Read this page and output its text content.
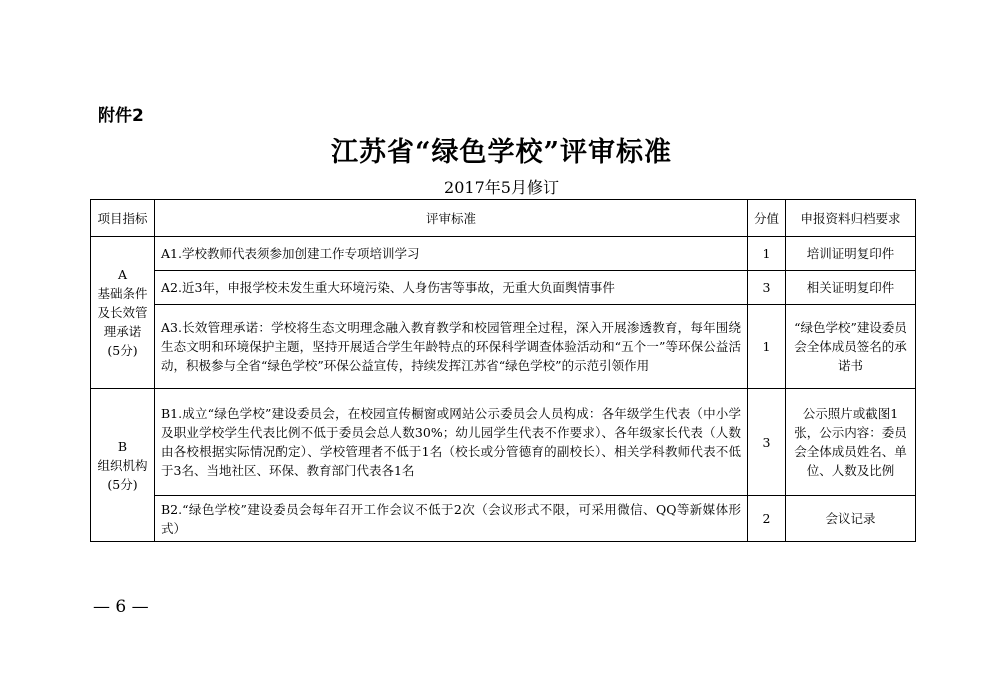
附件2
江苏省“绿色学校”评审标准
2017年5月修订
项目指标	评审标准	分值	申报资料归档要求
A
基础条件
及长效管
理承诺
(5分)	A1.学校教师代表须参加创建工作专项培训学习	1	培训证明复印件
	A2.近3年，申报学校未发生重大环境污染、人身伤害等事故，无重大负面舆情事件	3	相关证明复印件
	A3.长效管理承诺：学校将生态文明理念融入教育教学和校园管理全过程，深入开展渗透教育，每年围绕生态文明和环境保护主题，坚持开展适合学生年龄特点的环保科学调查体验活动和“五个一”等环保公益活动，积极参与全省“绿色学校”环保公益宣传，持续发挥江苏省“绿色学校”的示范引领作用	1	“绿色学校”建设委员会全体成员签名的承诺书
B
组织机构
(5分)	B1.成立“绿色学校”建设委员会，在校园宣传橱窗或网站公示委员会人员构成：各年级学生代表（中小学及职业学校学生代表比例不低于委员会总人数30%；幼儿园学生代表不作要求）、各年级家长代表（人数由各校根据实际情况酌定）、学校管理者不低于1名（校长或分管德育的副校长）、相关学科教师代表不低于3名、当地社区、环保、教育部门代表各1名	3	公示照片或截图1张，公示内容：委员会全体成员姓名、单位、人数及比例
	B2.“绿色学校”建设委员会每年召开工作会议不低于2次（会议形式不限，可采用微信、QQ等新媒体形式）	2	会议记录
— 6 —
